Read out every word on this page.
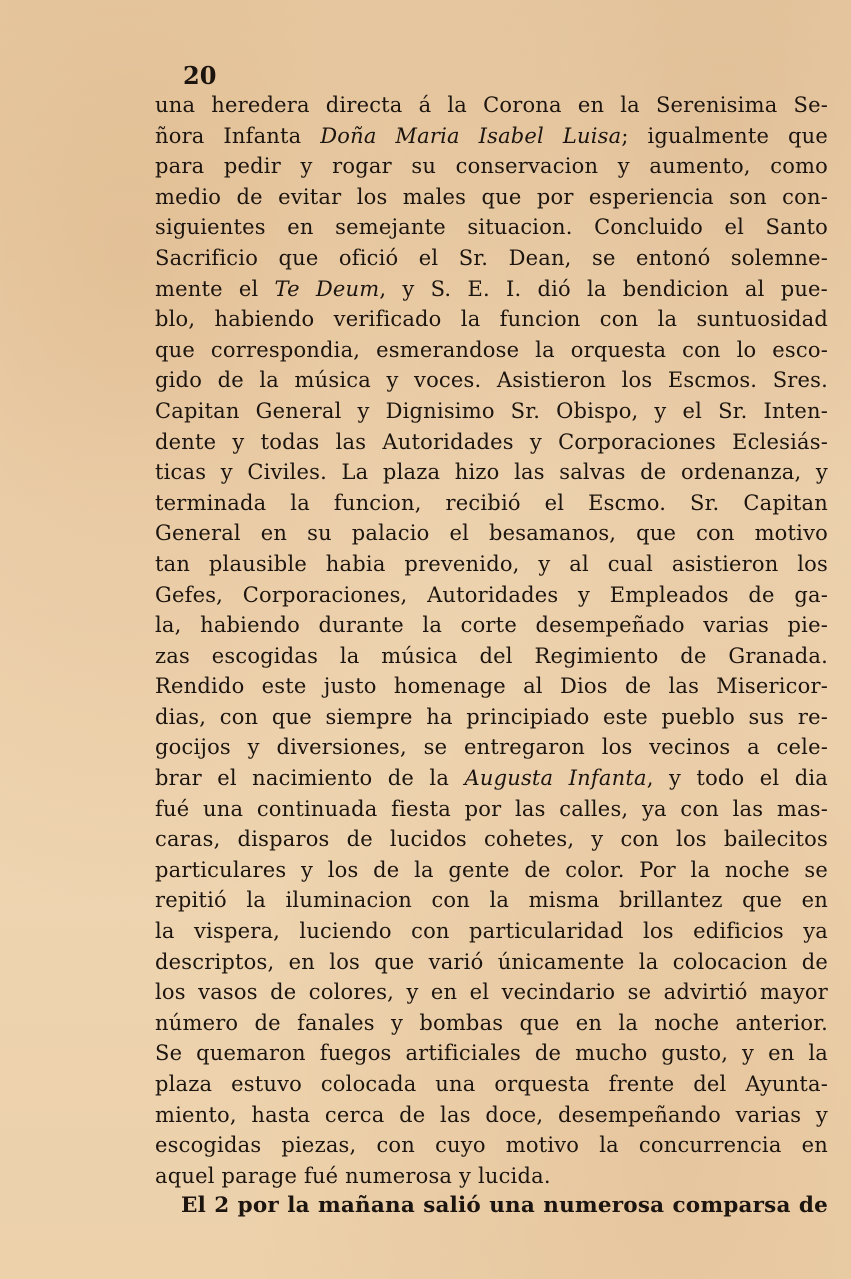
20
una heredera directa á la Corona en la Serenisima Se-
ñora Infanta Doña Maria Isabel Luisa; igualmente que
para pedir y rogar su conservacion y aumento, como
medio de evitar los males que por esperiencia son con-
siguientes en semejante situacion. Concluido el Santo
Sacrificio que ofició el Sr. Dean, se entonó solemne-
mente el Te Deum, y S. E. I. dió la bendicion al pue-
blo, habiendo verificado la funcion con la suntuosidad
que correspondia, esmerandose la orquesta con lo esco-
gido de la música y voces. Asistieron los Escmos. Sres.
Capitan General y Dignisimo Sr. Obispo, y el Sr. Inten-
dente y todas las Autoridades y Corporaciones Eclesiás-
ticas y Civiles. La plaza hizo las salvas de ordenanza, y
terminada la funcion, recibió el Escmo. Sr. Capitan
General en su palacio el besamanos, que con motivo
tan plausible habia prevenido, y al cual asistieron los
Gefes, Corporaciones, Autoridades y Empleados de ga-
la, habiendo durante la corte desempeñado varias pie-
zas escogidas la música del Regimiento de Granada.
Rendido este justo homenage al Dios de las Misericor-
dias, con que siempre ha principiado este pueblo sus re-
gocijos y diversiones, se entregaron los vecinos a cele-
brar el nacimiento de la Augusta Infanta, y todo el dia
fué una continuada fiesta por las calles, ya con las mas-
caras, disparos de lucidos cohetes, y con los bailecitos
particulares y los de la gente de color. Por la noche se
repitió la iluminacion con la misma brillantez que en
la vispera, luciendo con particularidad los edificios ya
descriptos, en los que varió únicamente la colocacion de
los vasos de colores, y en el vecindario se advirtió mayor
número de fanales y bombas que en la noche anterior.
Se quemaron fuegos artificiales de mucho gusto, y en la
plaza estuvo colocada una orquesta frente del Ayunta-
miento, hasta cerca de las doce, desempeñando varias y
escogidas piezas, con cuyo motivo la concurrencia en
aquel parage fué numerosa y lucida.
El 2 por la mañana salió una numerosa comparsa de
